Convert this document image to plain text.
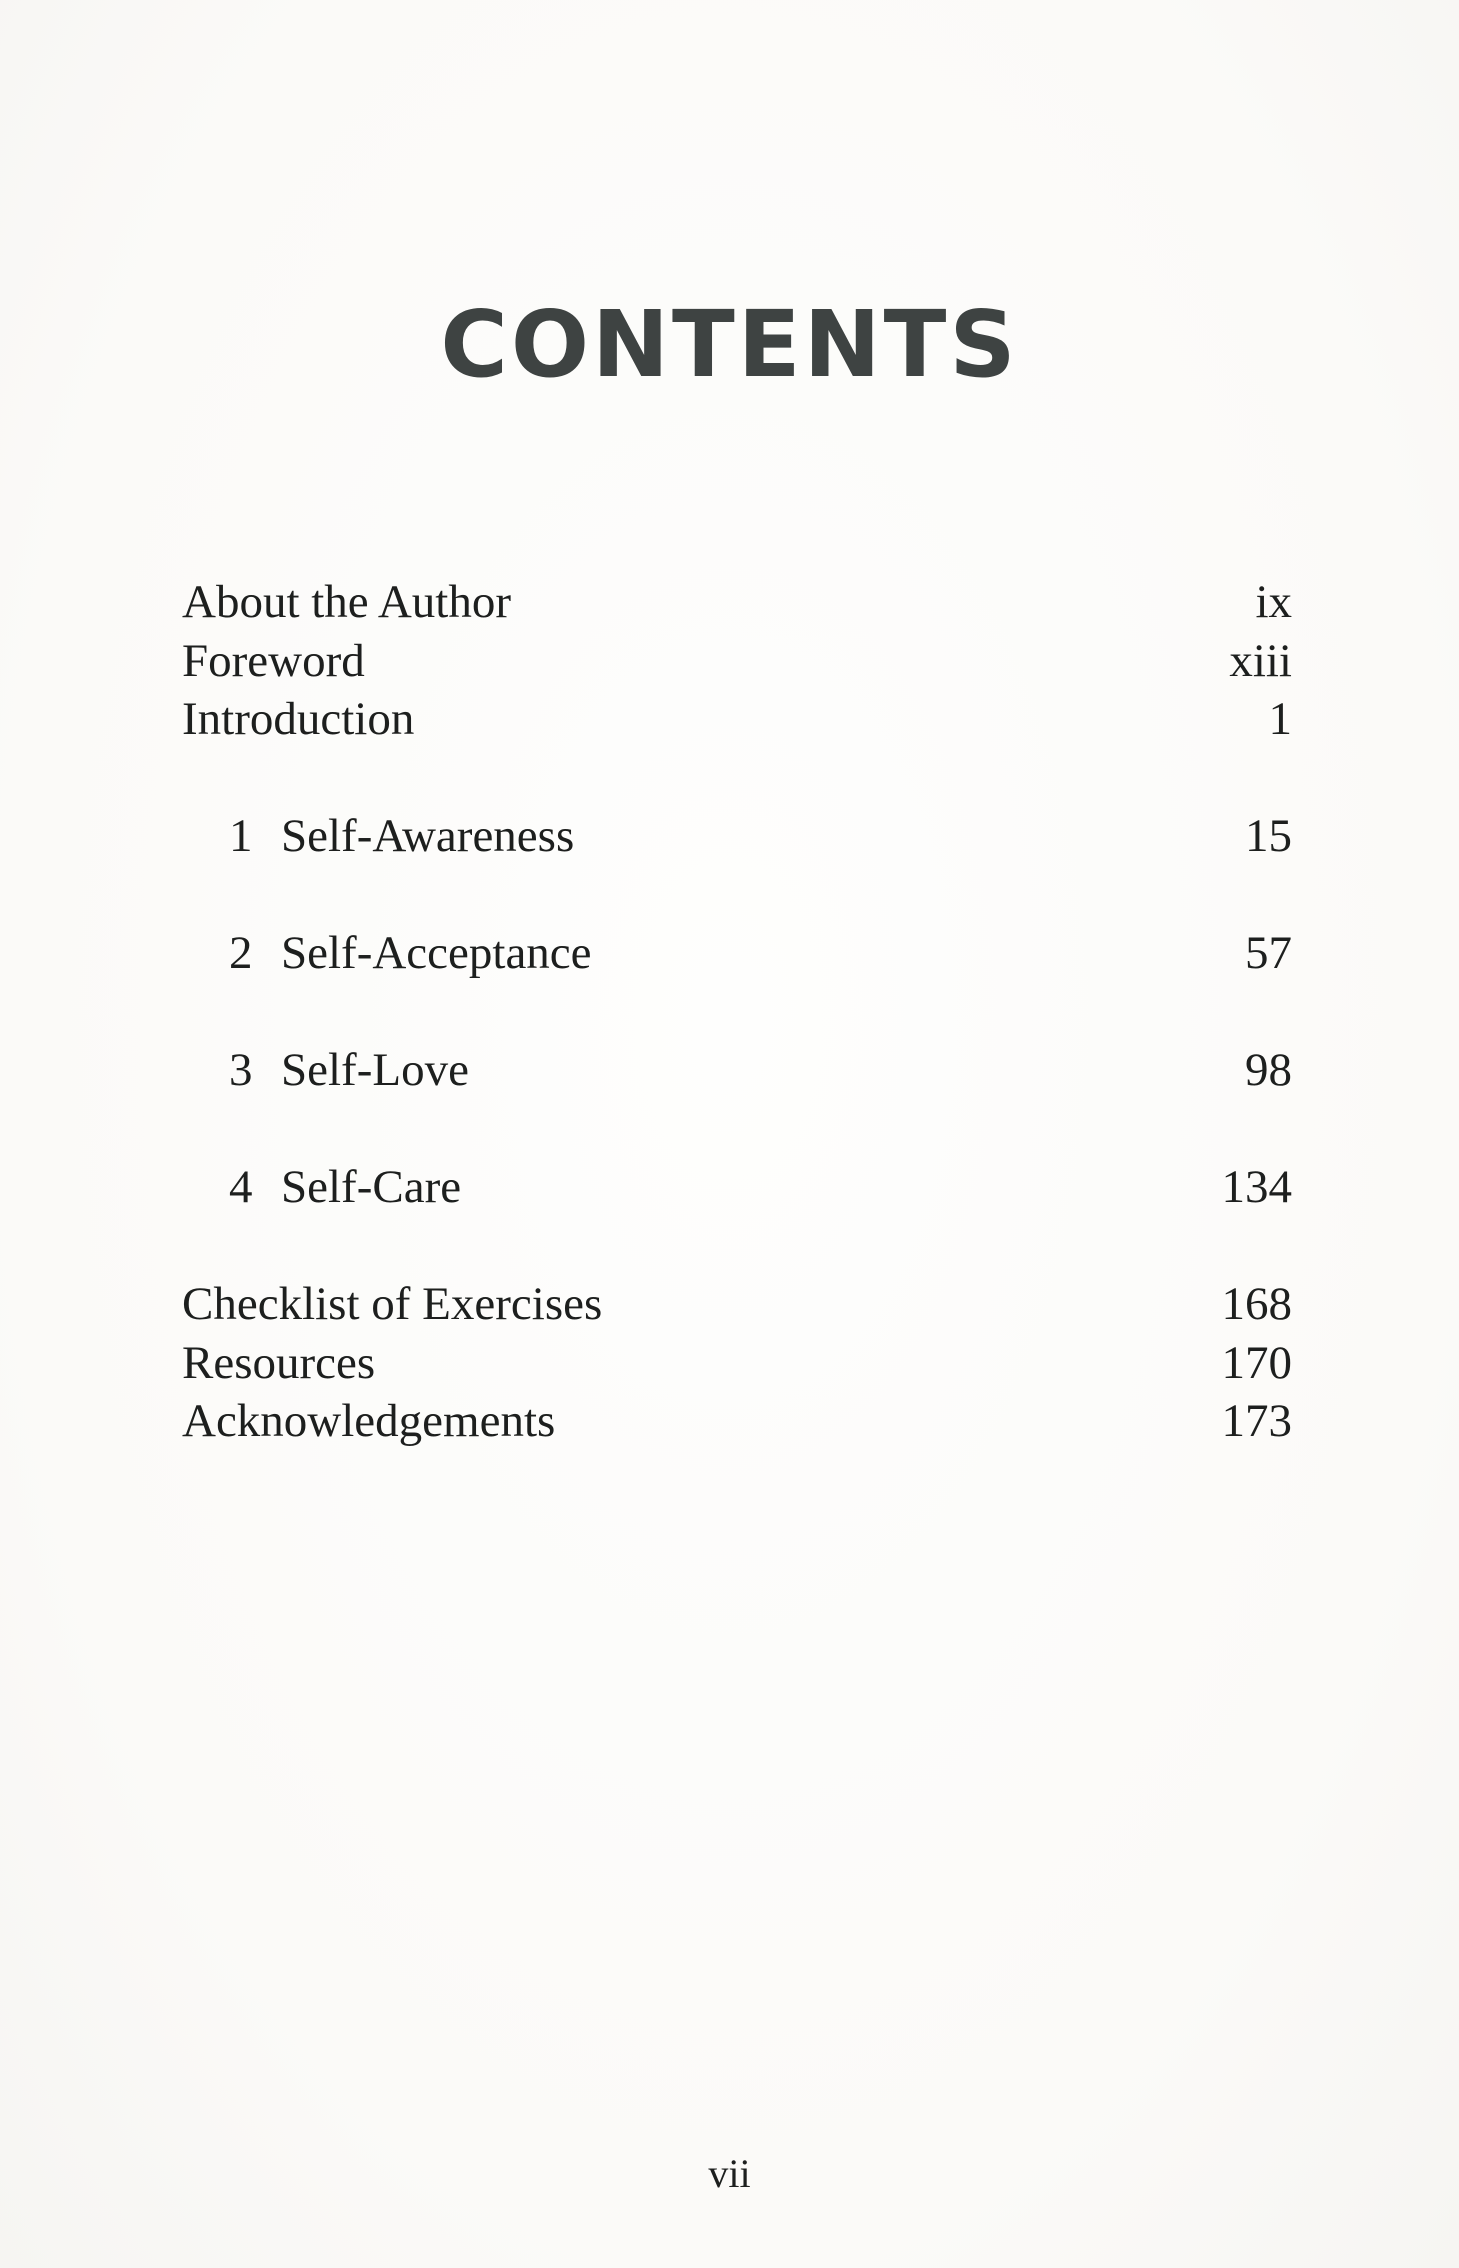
CONTENTS
About the Author	ix
Foreword	xiii
Introduction	1
1 Self-Awareness	15
2 Self-Acceptance	57
3 Self-Love	98
4 Self-Care	134
Checklist of Exercises	168
Resources	170
Acknowledgements	173
vii
